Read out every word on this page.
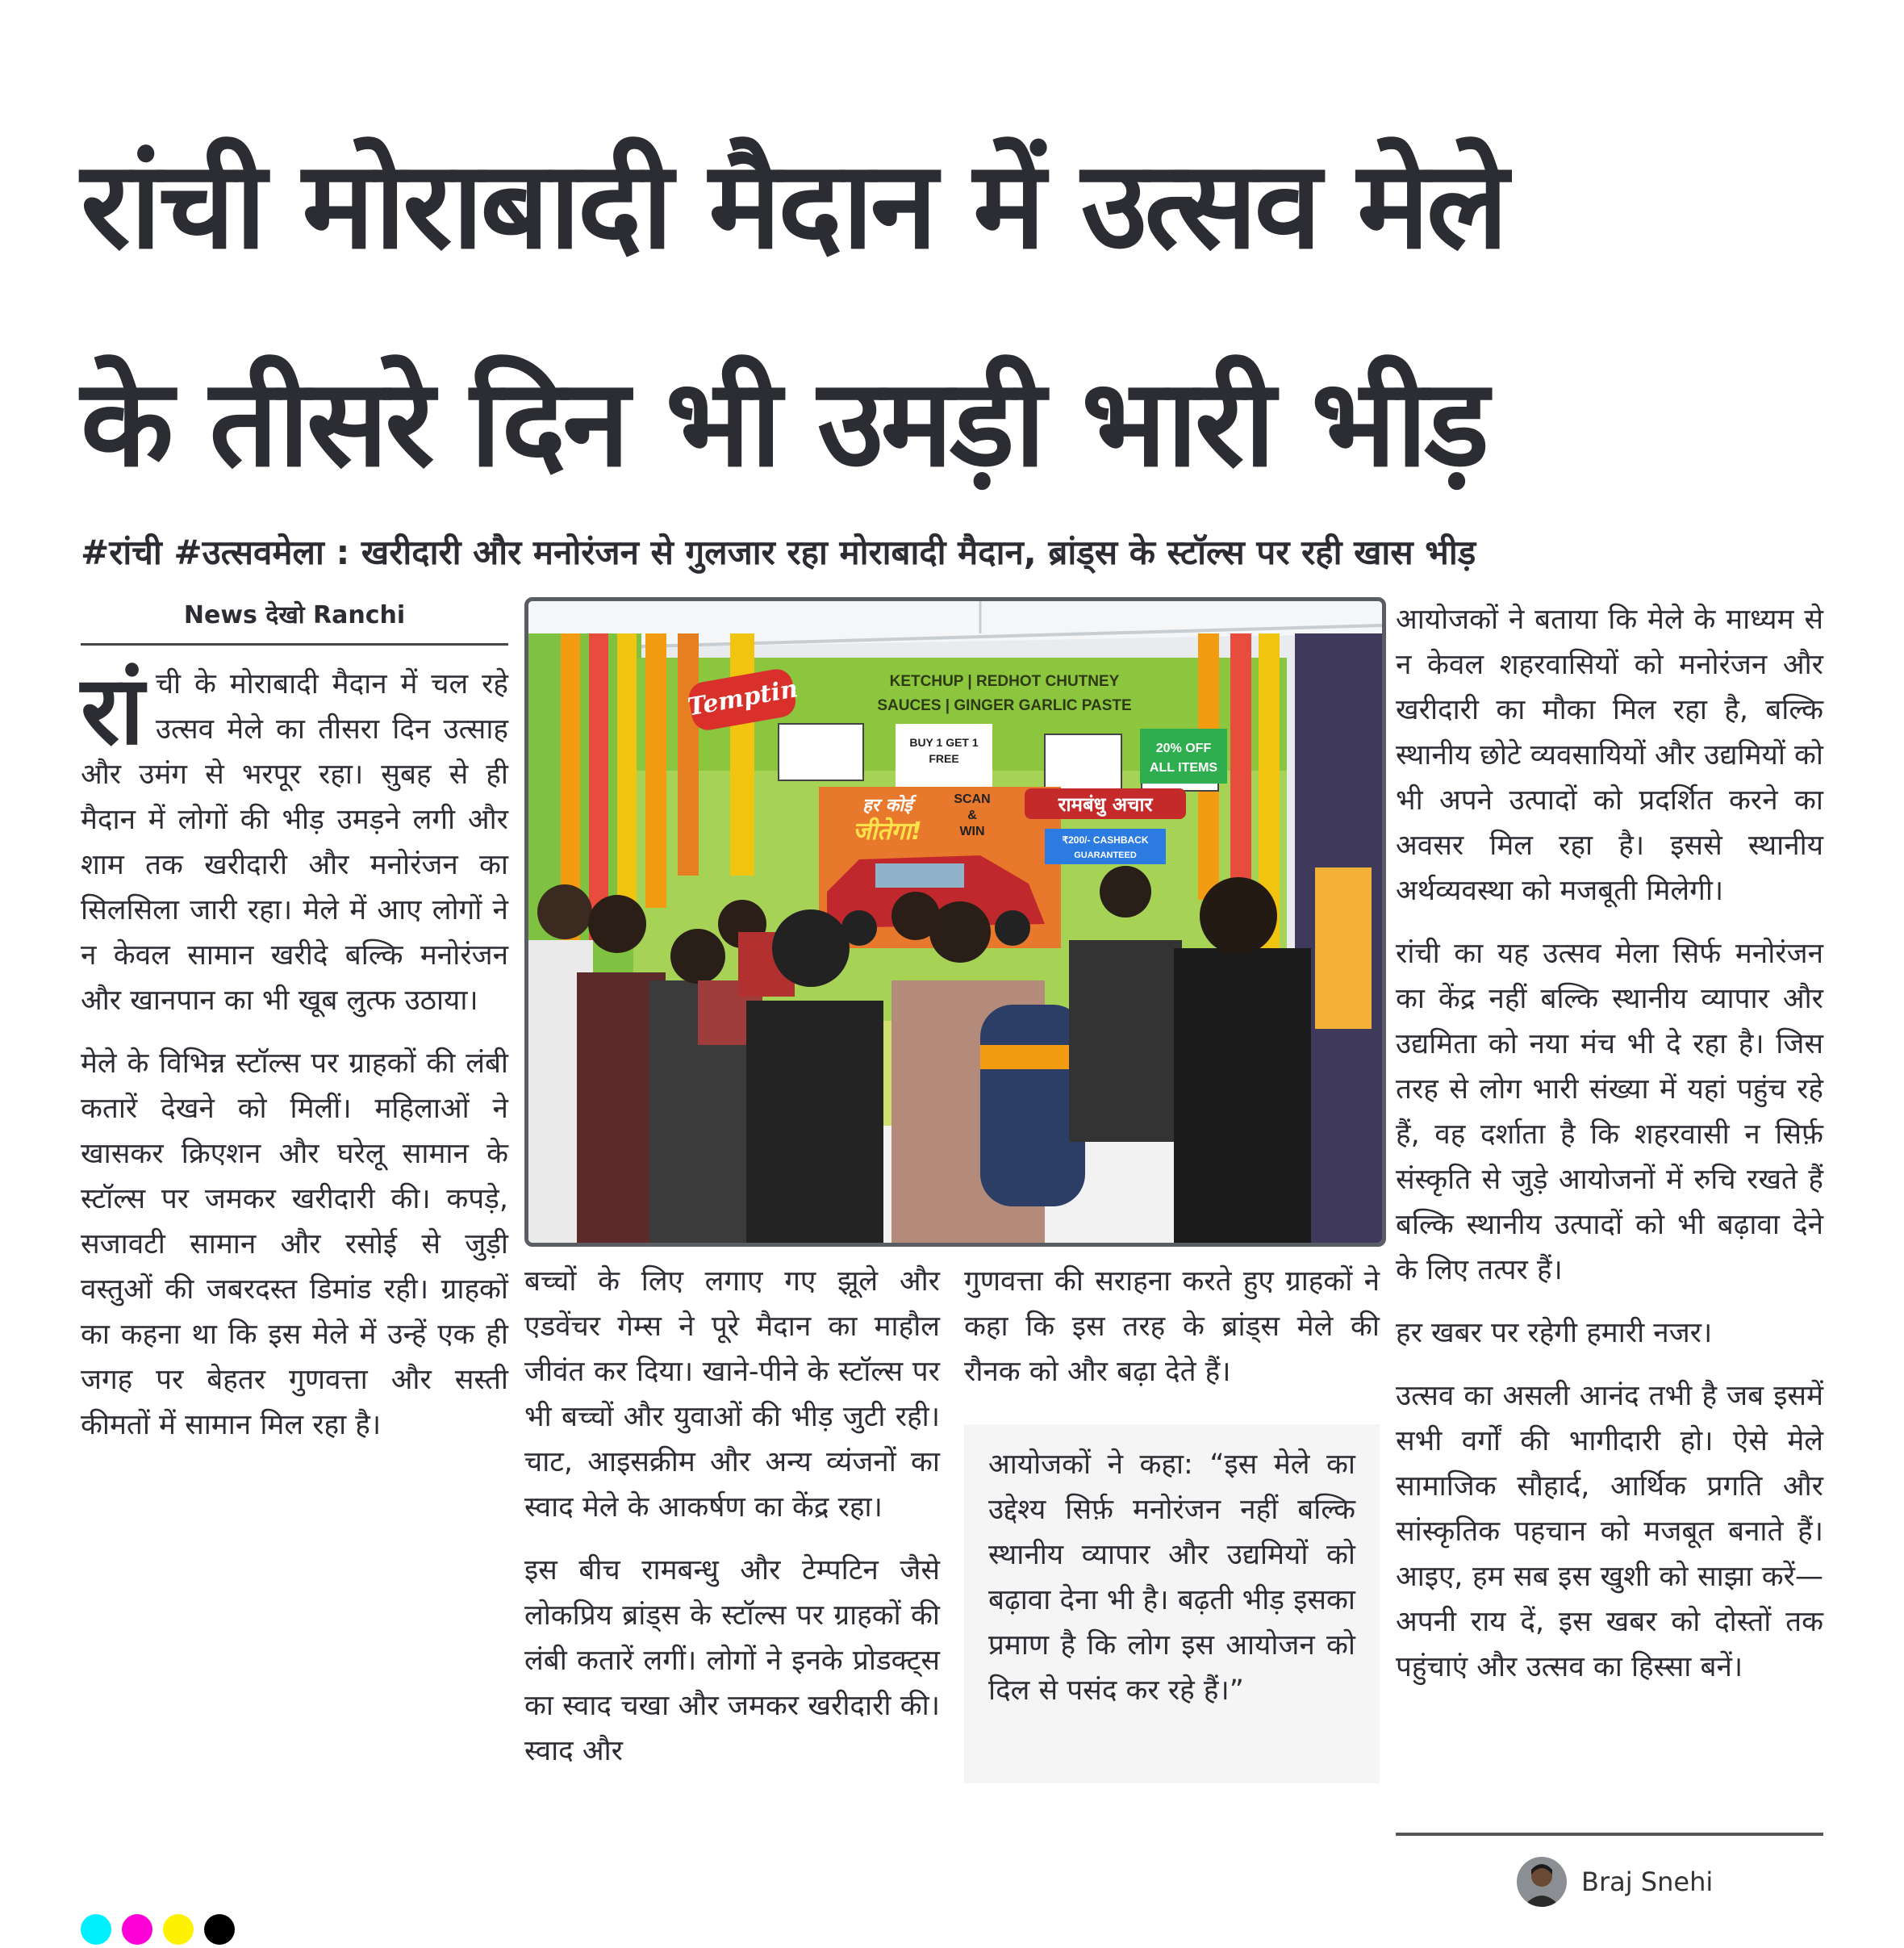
रांची मोराबादी मैदान में उत्सव मेले
के तीसरे दिन भी उमड़ी भारी भीड़
#रांची #उत्सवमेला : खरीदारी और मनोरंजन से गुलजार रहा मोराबादी मैदान, ब्रांड्स के स्टॉल्स पर रही खास भीड़
News देखो Ranchi

रांची के मोराबादी मैदान में चल रहे उत्सव मेले का तीसरा दिन उत्साह और उमंग से भरपूर रहा। सुबह से ही मैदान में लोगों की भीड़ उमड़ने लगी और शाम तक खरीदारी और मनोरंजन का सिलसिला जारी रहा। मेले में आए लोगों ने न केवल सामान खरीदे बल्कि मनोरंजन और खानपान का भी खूब लुत्फ उठाया।

मेले के विभिन्न स्टॉल्स पर ग्राहकों की लंबी कतारें देखने को मिलीं। महिलाओं ने खासकर क्रिएशन और घरेलू सामान के स्टॉल्स पर जमकर खरीदारी की। कपड़े, सजावटी सामान और रसोई से जुड़ी वस्तुओं की जबरदस्त डिमांड रही। ग्राहकों का कहना था कि इस मेले में उन्हें एक ही जगह पर बेहतर गुणवत्ता और सस्ती कीमतों में सामान मिल रहा है।

Temptin	KETCHUP | REDHOT CHUTNEY
SAUCES | GINGER GARLIC PASTE
BUY 1 GET 1
FREE
20% OFF
ALL ITEMS
हर कोई
जीतेगा!
SCAN
&
WIN
रामबंधु अचार
₹200/- CASHBACK
GUARANTEED

बच्चों के लिए लगाए गए झूले और एडवेंचर गेम्स ने पूरे मैदान का माहौल जीवंत कर दिया। खाने-पीने के स्टॉल्स पर भी बच्चों और युवाओं की भीड़ जुटी रही। चाट, आइसक्रीम और अन्य व्यंजनों का स्वाद मेले के आकर्षण का केंद्र रहा।

इस बीच रामबन्धु और टेम्पटिन जैसे लोकप्रिय ब्रांड्स के स्टॉल्स पर ग्राहकों की लंबी कतारें लगीं। लोगों ने इनके प्रोडक्ट्स का स्वाद चखा और जमकर खरीदारी की। स्वाद और

गुणवत्ता की सराहना करते हुए ग्राहकों ने कहा कि इस तरह के ब्रांड्स मेले की रौनक को और बढ़ा देते हैं।

आयोजकों ने कहा: “इस मेले का उद्देश्य सिर्फ़ मनोरंजन नहीं बल्कि स्थानीय व्यापार और उद्यमियों को बढ़ावा देना भी है। बढ़ती भीड़ इसका प्रमाण है कि लोग इस आयोजन को दिल से पसंद कर रहे हैं।”

आयोजकों ने बताया कि मेले के माध्यम से न केवल शहरवासियों को मनोरंजन और खरीदारी का मौका मिल रहा है, बल्कि स्थानीय छोटे व्यवसायियों और उद्यमियों को भी अपने उत्पादों को प्रदर्शित करने का अवसर मिल रहा है। इससे स्थानीय अर्थव्यवस्था को मजबूती मिलेगी।

रांची का यह उत्सव मेला सिर्फ मनोरंजन का केंद्र नहीं बल्कि स्थानीय व्यापार और उद्यमिता को नया मंच भी दे रहा है। जिस तरह से लोग भारी संख्या में यहां पहुंच रहे हैं, वह दर्शाता है कि शहरवासी न सिर्फ़ संस्कृति से जुड़े आयोजनों में रुचि रखते हैं बल्कि स्थानीय उत्पादों को भी बढ़ावा देने के लिए तत्पर हैं।

हर खबर पर रहेगी हमारी नजर।

उत्सव का असली आनंद तभी है जब इसमें सभी वर्गों की भागीदारी हो। ऐसे मेले सामाजिक सौहार्द, आर्थिक प्रगति और सांस्कृतिक पहचान को मजबूत बनाते हैं। आइए, हम सब इस खुशी को साझा करें—अपनी राय दें, इस खबर को दोस्तों तक पहुंचाएं और उत्सव का हिस्सा बनें।

Braj Snehi
